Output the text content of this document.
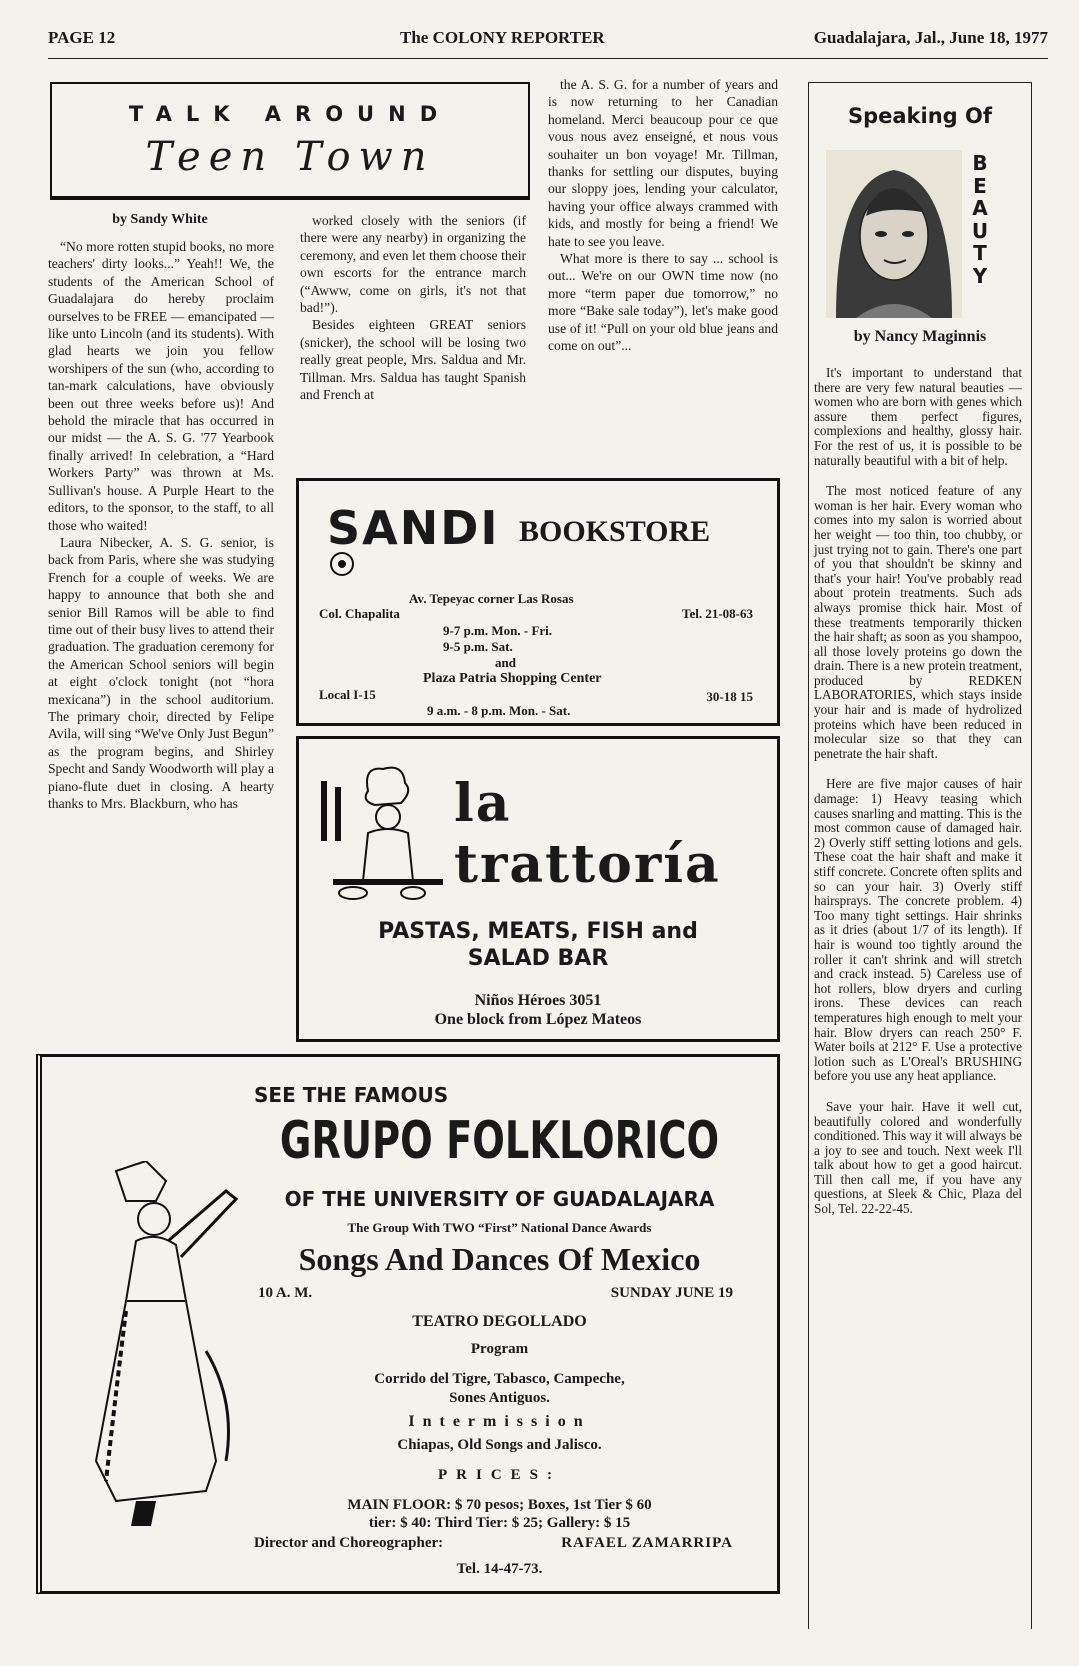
PAGE 12	The COLONY REPORTER	Guadalajara, Jal., June 18, 1977
TALK AROUND
Teen Town
by Sandy White

“No more rotten stupid books, no more teachers' dirty looks...” Yeah!! We, the students of the American School of Guadalajara do hereby proclaim ourselves to be FREE — emancipated — like unto Lincoln (and its students). With glad hearts we join you fellow worshipers of the sun (who, according to tan-mark calculations, have obviously been out three weeks before us)! And behold the miracle that has occurred in our midst — the A. S. G. '77 Yearbook finally arrived! In celebration, a “Hard Workers Party” was thrown at Ms. Sullivan's house. A Purple Heart to the editors, to the sponsor, to the staff, to all those who waited!

Laura Nibecker, A. S. G. senior, is back from Paris, where she was studying French for a couple of weeks. We are happy to announce that both she and senior Bill Ramos will be able to find time out of their busy lives to attend their graduation. The graduation ceremony for the American School seniors will begin at eight o'clock tonight (not “hora mexicana”) in the school auditorium. The primary choir, directed by Felipe Avila, will sing “We've Only Just Begun” as the program begins, and Shirley Specht and Sandy Woodworth will play a piano-flute duet in closing. A hearty thanks to Mrs. Blackburn, who has

worked closely with the seniors (if there were any nearby) in organizing the ceremony, and even let them choose their own escorts for the entrance march (“Awww, come on girls, it's not that bad!”).

Besides eighteen GREAT seniors (snicker), the school will be losing two really great people, Mrs. Saldua and Mr. Tillman. Mrs. Saldua has taught Spanish and French at

the A. S. G. for a number of years and is now returning to her Canadian homeland. Merci beaucoup pour ce que vous nous avez enseigné, et nous vous souhaiter un bon voyage! Mr. Tillman, thanks for settling our disputes, buying our sloppy joes, lending your calculator, having your office always crammed with kids, and mostly for being a friend! We hate to see you leave.

What more is there to say ... school is out... We're on our OWN time now (no more “term paper due tomorrow,” no more “Bake sale today”), let's make good use of it! “Pull on your old blue jeans and come on out”...

SANDI BOOKSTORE
Av. Tepeyac corner Las Rosas
Col. Chapalita	Tel. 21-08-63
9-7 p.m. Mon. - Fri.
9-5 p.m. Sat.
and
Plaza Patria Shopping Center
Local I-15	30-18 15
9 a.m. - 8 p.m. Mon. - Sat.
la trattoría
PASTAS, MEATS, FISH and
SALAD BAR
Niños Héroes 3051
One block from López Mateos
SEE THE FAMOUS
GRUPO FOLKLORICO
OF THE UNIVERSITY OF GUADALAJARA
The Group With TWO “First” National Dance Awards
Songs And Dances Of Mexico
10 A. M.	SUNDAY JUNE 19
TEATRO DEGOLLADO
Program
Corrido del Tigre, Tabasco, Campeche,
Sones Antiguos.
Intermission
Chiapas, Old Songs and Jalisco.
PRICES:
MAIN FLOOR: $ 70 pesos; Boxes, 1st Tier $ 60
tier: $ 40: Third Tier: $ 25; Gallery: $ 15
Director and Choreographer:	RAFAEL ZAMARRIPA
Tel. 14-47-73.
Speaking Of
BEAUTY
by Nancy Maginnis

It's important to understand that there are very few natural beauties — women who are born with genes which assure them perfect figures, complexions and healthy, glossy hair. For the rest of us, it is possible to be naturally beautiful with a bit of help.

The most noticed feature of any woman is her hair. Every woman who comes into my salon is worried about her weight — too thin, too chubby, or just trying not to gain. There's one part of you that shouldn't be skinny and that's your hair! You've probably read about protein treatments. Such ads always promise thick hair. Most of these treatments temporarily thicken the hair shaft; as soon as you shampoo, all those lovely proteins go down the drain. There is a new protein treatment, produced by REDKEN LABORATORIES, which stays inside your hair and is made of hydrolized proteins which have been reduced in molecular size so that they can penetrate the hair shaft.

Here are five major causes of hair damage: 1) Heavy teasing which causes snarling and matting. This is the most common cause of damaged hair. 2) Overly stiff setting lotions and gels. These coat the hair shaft and make it stiff concrete. Concrete often splits and so can your hair. 3) Overly stiff hairsprays. The concrete problem. 4) Too many tight settings. Hair shrinks as it dries (about 1/7 of its length). If hair is wound too tightly around the roller it can't shrink and will stretch and crack instead. 5) Careless use of hot rollers, blow dryers and curling irons. These devices can reach temperatures high enough to melt your hair. Blow dryers can reach 250° F. Water boils at 212° F. Use a protective lotion such as L'Oreal's BRUSHING before you use any heat appliance.

Save your hair. Have it well cut, beautifully colored and wonderfully conditioned. This way it will always be a joy to see and touch. Next week I'll talk about how to get a good haircut. Till then call me, if you have any questions, at Sleek & Chic, Plaza del Sol, Tel. 22-22-45.
